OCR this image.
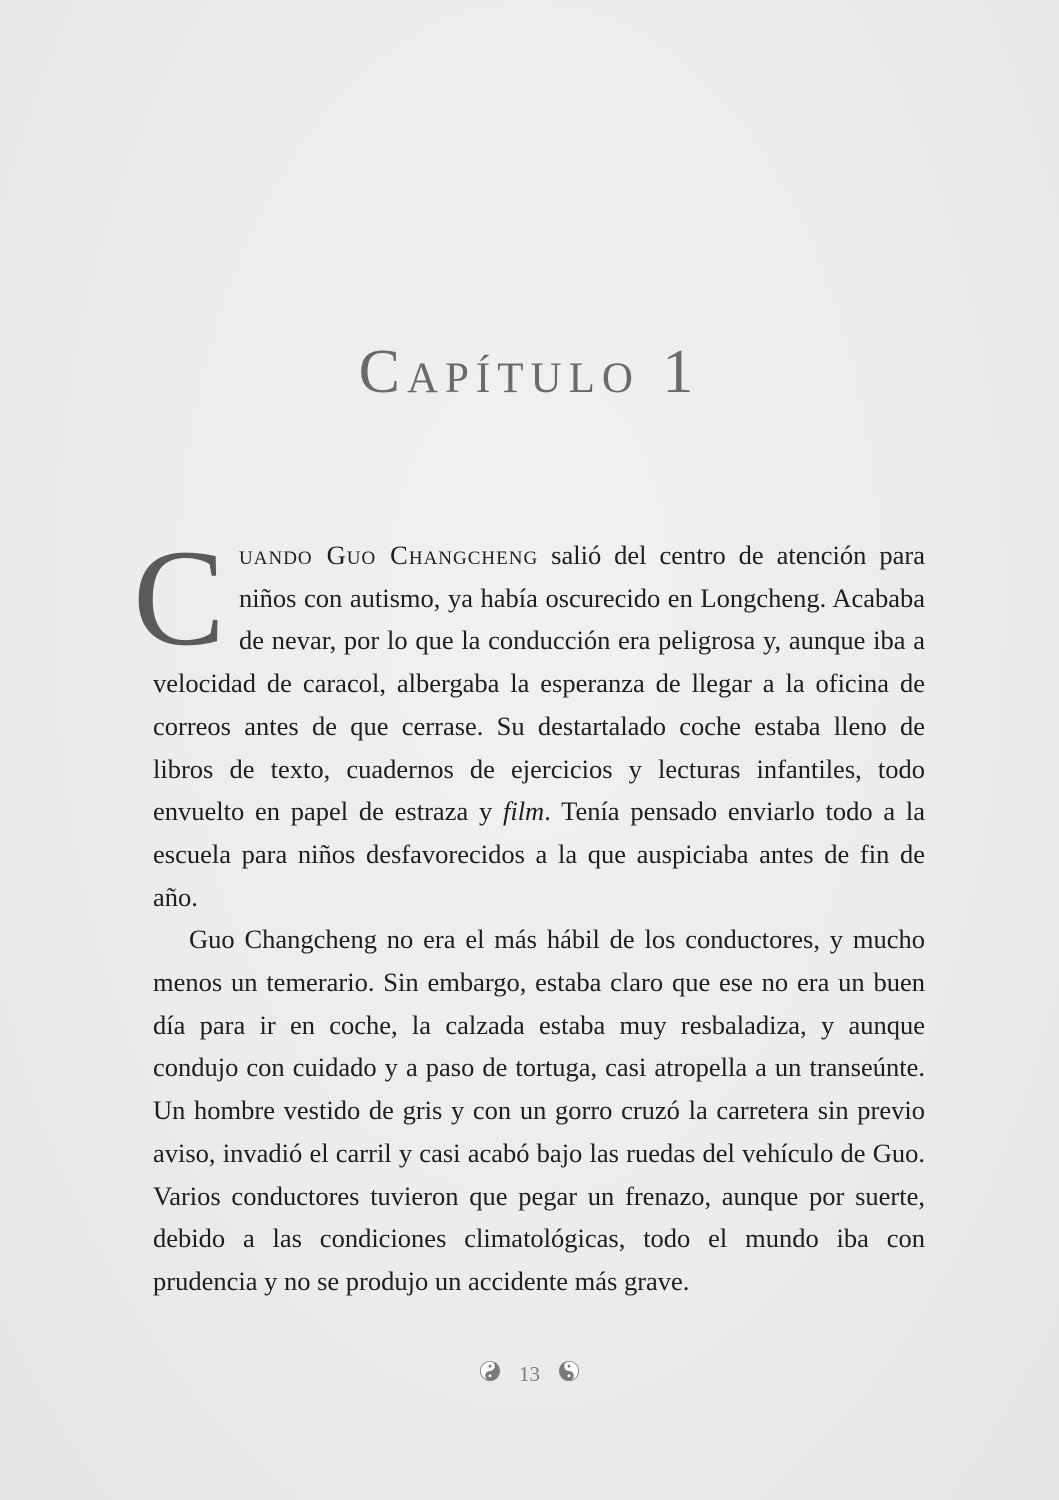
Capítulo 1

Cuando Guo Changcheng salió del centro de atención para niños con autismo, ya había oscurecido en Longcheng. Acababa de nevar, por lo que la conducción era peligrosa y, aunque iba a velocidad de caracol, albergaba la esperanza de llegar a la oficina de correos antes de que cerrase. Su destartalado coche estaba lleno de libros de texto, cuadernos de ejercicios y lecturas infantiles, todo envuelto en papel de estraza y film. Tenía pensado enviarlo todo a la escuela para niños desfavorecidos a la que auspiciaba antes de fin de año.

Guo Changcheng no era el más hábil de los conductores, y mucho menos un temerario. Sin embargo, estaba claro que ese no era un buen día para ir en coche, la calzada estaba muy resbaladiza, y aunque condujo con cuidado y a paso de tortuga, casi atropella a un transeúnte. Un hombre vestido de gris y con un gorro cruzó la carretera sin previo aviso, invadió el carril y casi acabó bajo las ruedas del vehículo de Guo. Varios conductores tuvieron que pegar un frenazo, aunque por suerte, debido a las condiciones climatológicas, todo el mundo iba con prudencia y no se produjo un accidente más grave.

13
